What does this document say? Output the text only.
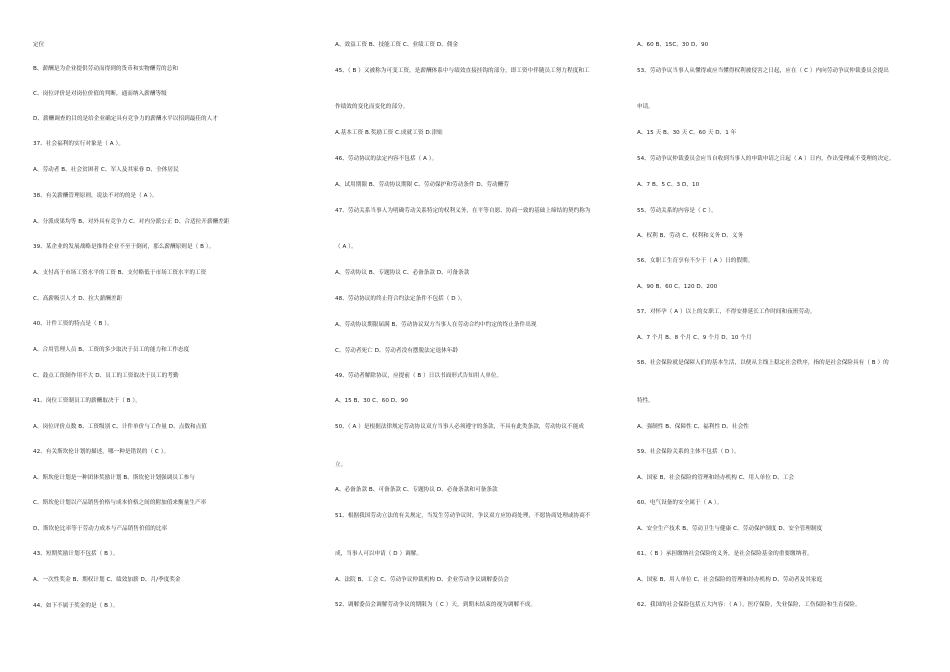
定位
B、薪酬是为企业提供劳动而得到的货币和实物酬劳的总和
C、岗位评价是对岗位价值的判断，通而纳入薪酬等级
D、薪酬调查的目的是给企业确定具有竞争力的薪酬水平以招到最佳的人才
37、社会福利的实行对象是（ A ）。
A、劳动者 B、社会贫困者 C、军人及其家眷 D、全体居民
38、有关薪酬管理原则，说法不对的的是（ A ）。
A、分派成果均等 B、对外具有竞争力 C、对内分派公正 D、合适拉开薪酬差距
39、某企业的发展战略是推得企业不至于倒闭，那么薪酬原则是（ B ）。
A、支付高于市场工资水平的工资 B、支付略低于市场工资水平的工资
C、高薪吸引人才 D、拉大薪酬差距
40、计件工资的特点是（ B ）。
A、合用管理人员 B、工资的多少取决于员工的能力和工作态度
C、鼓点工资制作用不大 D、员工的工资取决于员工的考勤
41、岗位工资制员工的薪酬取决于（ B ）。
A、岗位评价点数 B、工资级别 C、计件单价与工作量 D、点数和点值
42、有关斯坎伦计划的描述，哪一种是错误的（ C ）。
A、斯坎伦计划是一种团体奖励计划 B、斯坎伦计划强调员工参与
C、斯坎伦计划以产品销售价格与成本价格之间的附加值来衡量生产率
D、斯坎伦比率等于劳动力成本与产品销售价值的比率
43、短期奖励计划不包括（ B ）。
A、一次性奖金 B、期权计划 C、绩效加薪 D、月/季度奖金
44、如下不属于奖金的是（ B ）。
A、效益工资 B、技能工资 C、业绩工资 D、佣金
45、（ B ）又被称为可变工资，是薪酬体系中与绩效直接挂钩的部分，即工资中伴随员工努力程度和工
作绩效的变化而变化的部分。
A.基本工资 B.奖励工资 C.成就工资 D.津贴
46、劳动协议的法定内容不包括（ A ）。
A、试用期限 B、劳动协议期限 C、劳动保护和劳动条件 D、劳动酬劳
47、劳动关系当事人为明确劳动关系特定的权利义务，在平等自愿、协商一致的基础上缔结的契约称为
（ A ）。
A、劳动协议 B、专题协议 C、必备条款 D、可备条款
48、劳动协议的终止符合约法定条件不包括（ D ）。
A、劳动协议期限届满 B、劳动协议双方当事人在劳动合约中约定的终止条件出现
C、劳动者死亡 D、劳动者没有摆脱法定退休年龄
49、劳动者解除协议，应提前（ B ）日以书面形式告知用人单位。
A、15 B、30 C、60 D、90
50、（ A ）是根据法律规定劳动协议双方当事人必须遵守的条款，不具有此类条款，劳动协议不能成
立。
A、必备条款 B、可备条款 C、专题协议 D、必备条款和可备条款
51、根据我国劳动立法的有关规定，当发生劳动争议时，争议双方应协商处理，不愿协商处理或协商不
成，当事人可以申请（ D ）调解。
A、法院 B、工会 C、劳动争议仲裁机构 D、企业劳动争议调解委员会
52、调解委员会调解劳动争议的期限为（ C ）天，到期未结束的视为调解不成。
A、60 B、15C、30 D、90
53、劳动争议当事人从懂得或应当懂得权利被侵害之日起，应在（ C ）内向劳动争议仲裁委员会提出
申请。
A、15 天 B、30 天 C、60 天 D、1 年
54、劳动争议仲裁委员会应当自收到当事人的申裁申请之日起（ A ）日内，作出受理或不受理的决定。
A、7 B、5 C、3 D、10
55、劳动关系的内容是（ C ）。
A、权利 B、劳动 C、权利和义务 D、义务
56、女职工生育享有不少于（ A ）日的假期。
A、90 B、60 C、120 D、200
57、对怀孕（ A ）以上的女职工，不得安排延长工作时间和夜班劳动。
A、7 个月 B、8 个月 C、9 个月 D、10 个月
58、社会保险就是保障人们的基本生活，以便从主线上稳定社会秩序，指的是社会保险具有（ B ）的
特性。
A、强制性 B、保障性 C、福利性 D、社会性
59、社会保险关系的主体不包括（ D ）。
A、国家 B、社会保险的管理和经办机构 C、用人单位 D、工会
60、电气设备的安全属于（ A ）。
A、安全生产技术 B、劳动卫生与健康 C、劳动保护制度 D、安全管理制度
61、（ B ）承担缴纳社会保险的义务，是社会保险基金的重要缴纳者。
A、国家 B、用人单位 C、社会保险的管理和经办机构 D、劳动者及其家庭
62、我国的社会保险包括五大内容：（ A ），医疗保险，失业保险，工伤保险和生育保险。
